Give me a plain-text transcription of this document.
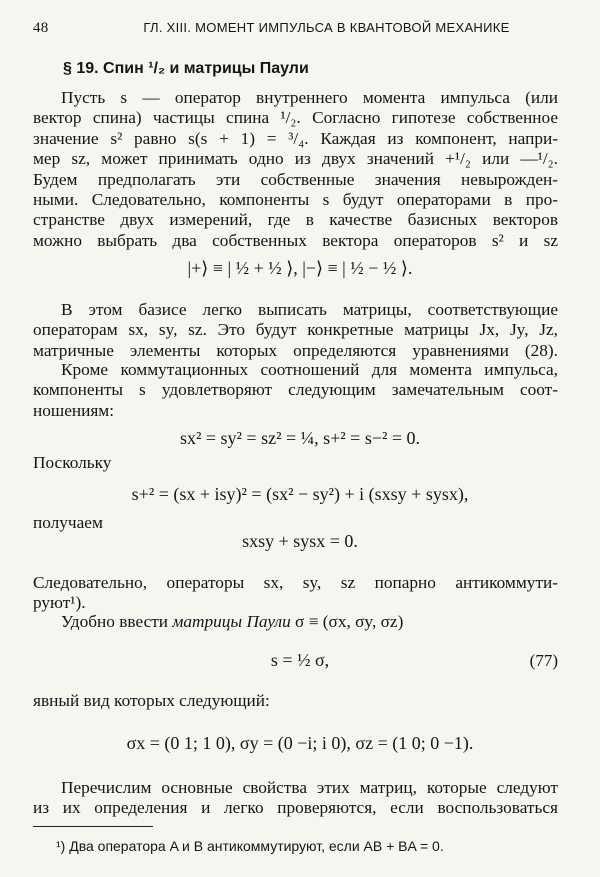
48	ГЛ. XIII. МОМЕНТ ИМПУЛЬСА В КВАНТОВОЙ МЕХАНИКЕ
§ 19. Спин ¹/₂ и матрицы Паули
Пусть s — оператор внутреннего момента импульса (или
вектор спина) частицы спина ¹/₂. Согласно гипотезе собственное
значение s² равно s(s + 1) = ³/₄. Каждая из компонент, напри-
мер sz, может принимать одно из двух значений +¹/₂ или —¹/₂.
Будем предполагать эти собственные значения невырожден-
ными. Следовательно, компоненты s будут операторами в про-
странстве двух измерений, где в качестве базисных векторов
можно выбрать два собственных вектора операторов s² и sz
|+⟩ ≡ | ½ + ½ ⟩, |−⟩ ≡ | ½ − ½ ⟩.
В этом базисе легко выписать матрицы, соответствующие
операторам sx, sy, sz. Это будут конкретные матрицы Jx, Jy, Jz,
матричные элементы которых определяются уравнениями (28).
Кроме коммутационных соотношений для момента импульса,
компоненты s удовлетворяют следующим замечательным соот-
ношениям:
sx² = sy² = sz² = ¼, s+² = s−² = 0.
Поскольку
s+² = (sx + isy)² = (sx² − sy²) + i (sxsy + sysx),
получаем
sxsy + sysx = 0.
Следовательно, операторы sx, sy, sz попарно антикоммути-
руют¹).
Удобно ввести матрицы Паули σ ≡ (σx, σy, σz)
s = ½ σ,	(77)
явный вид которых следующий:
σx = (0 1; 1 0), σy = (0 −i; i 0), σz = (1 0; 0 −1).
Перечислим основные свойства этих матриц, которые следуют
из их определения и легко проверяются, если воспользоваться
¹) Два оператора A и B антикоммутируют, если AB + BA = 0.
